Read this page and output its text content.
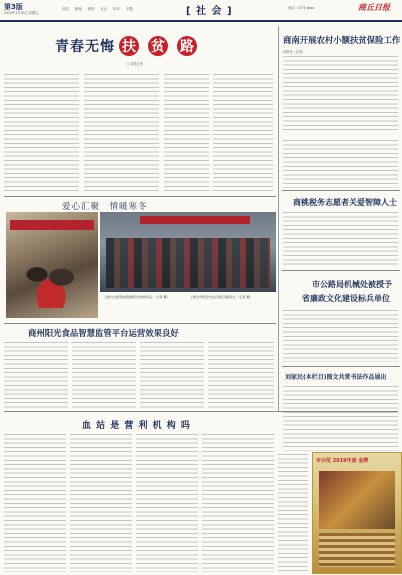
第3版
2019年1月18日 星期五
首页 新闻 财经 社会 时评 专题	[ 社 会 ]	电话：0371-xxxx	商丘日报
青 春 无 悔 扶 贫 路
□ 本报记者
商南开展农村小额扶贫保险工作
本报讯（记者）
商桃税务志愿者关爱智障人士
市公路局机械处被授予
省廉政文化建设标兵单位
刘家民(本栏目)图文共赏书法作品展出
爱心汇聚　情暖寒冬
上图为志愿者向困难群众发放慰问品。（记者 摄）	上图为志愿者与社区居民合影留念。（记者 摄）
商州阳光食品智慧监管平台运营效果良好
血 站 是 营 利 机 构 吗
市示范 2019年度 金牌
